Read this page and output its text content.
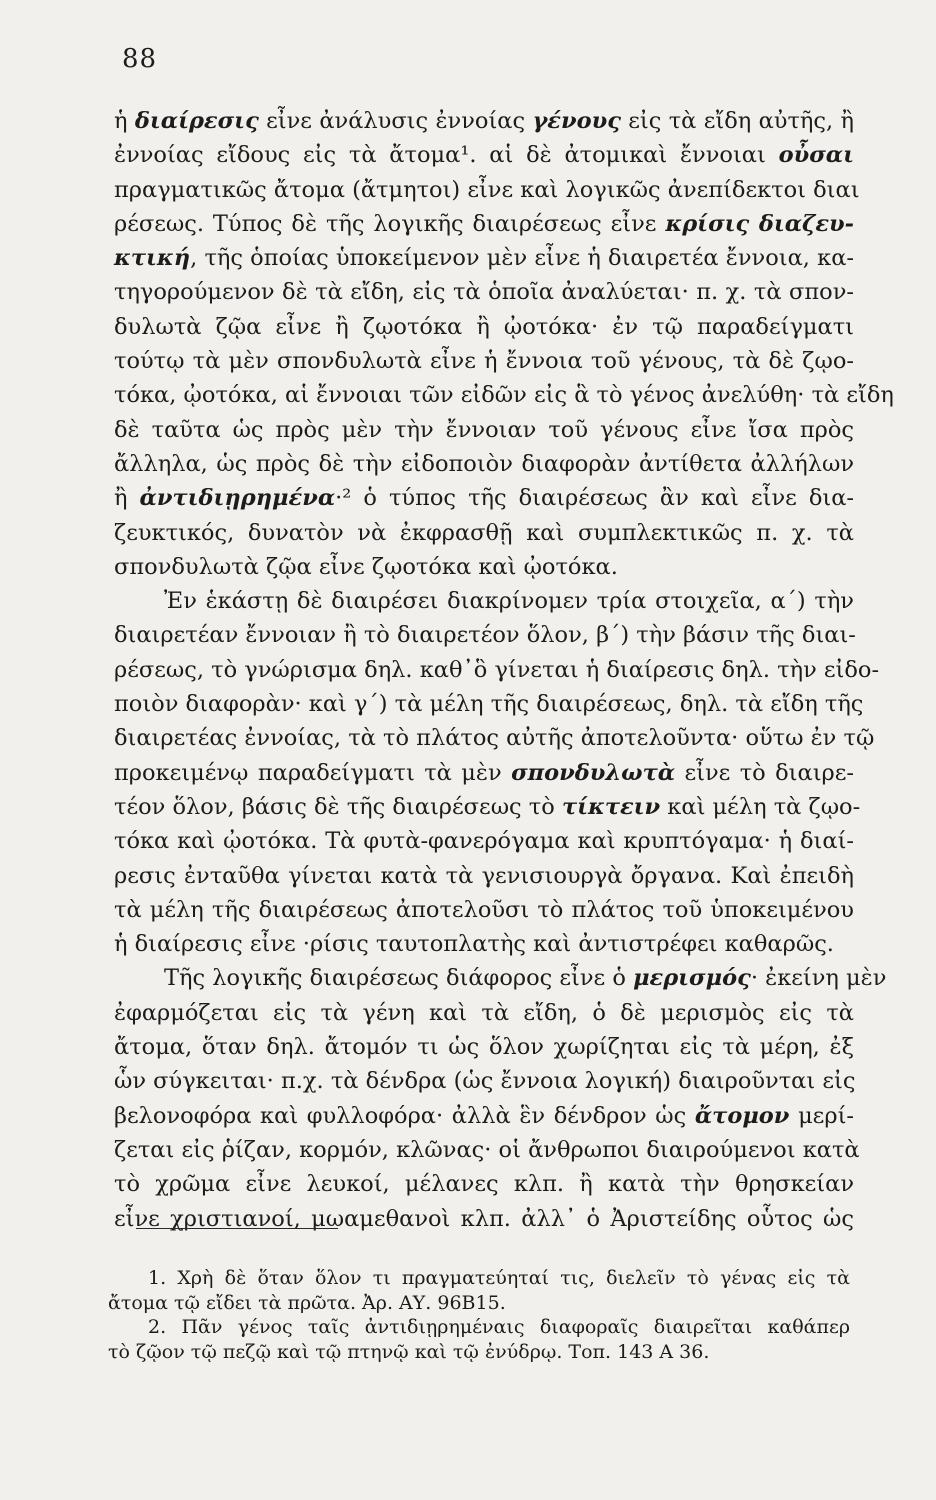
88
ἡ διαίρεσις εἶνε ἀνάλυσις ἐννοίας γένους εἰς τὰ εἴδη αὐτῆς, ἢ
ἐννοίας εἴδους εἰς τὰ ἄτομα¹. αἱ δὲ ἀτομικαὶ ἔννοιαι οὖσαι
πραγματικῶς ἄτομα (ἄτμητοι) εἶνε καὶ λογικῶς ἀνεπίδεκτοι διαι
ρέσεως. Τύπος δὲ τῆς λογικῆς διαιρέσεως εἶνε κρίσις διαζευ-
κτική, τῆς ὁποίας ὑποκείμενον μὲν εἶνε ἡ διαιρετέα ἔννοια, κα-
τηγορούμενον δὲ τὰ εἴδη, εἰς τὰ ὁποῖα ἀναλύεται· π. χ. τὰ σπον-
δυλωτὰ ζῷα εἶνε ἢ ζῳοτόκα ἢ ᾠοτόκα· ἐν τῷ παραδείγματι
τούτῳ τὰ μὲν σπονδυλωτὰ εἶνε ἡ ἔννοια τοῦ γένους, τὰ δὲ ζῳο-
τόκα, ᾠοτόκα, αἱ ἔννοιαι τῶν εἰδῶν εἰς ἃ τὸ γένος ἀνελύθη· τὰ εἴδη
δὲ ταῦτα ὡς πρὸς μὲν τὴν ἔννοιαν τοῦ γένους εἶνε ἴσα πρὸς
ἄλληλα, ὡς πρὸς δὲ τὴν εἰδοποιὸν διαφορὰν ἀντίθετα ἀλλήλων
ἢ ἀντιδιῃρημένα·² ὁ τύπος τῆς διαιρέσεως ἂν καὶ εἶνε δια-
ζευκτικός, δυνατὸν νὰ ἐκφρασθῇ καὶ συμπλεκτικῶς π. χ. τὰ
σπονδυλωτὰ ζῷα εἶνε ζῳοτόκα καὶ ᾠοτόκα.
Ἐν ἑκάστῃ δὲ διαιρέσει διακρίνομεν τρία στοιχεῖα, α΄) τὴν
διαιρετέαν ἔννοιαν ἢ τὸ διαιρετέον ὅλον, β΄) τὴν βάσιν τῆς διαι-
ρέσεως, τὸ γνώρισμα δηλ. καθ᾽ὃ γίνεται ἡ διαίρεσις δηλ. τὴν εἰδο-
ποιὸν διαφορὰν· καὶ γ΄) τὰ μέλη τῆς διαιρέσεως, δηλ. τὰ εἴδη τῆς
διαιρετέας ἐννοίας, τὰ τὸ πλάτος αὐτῆς ἀποτελοῦντα· οὕτω ἐν τῷ
προκειμένῳ παραδείγματι τὰ μὲν σπονδυλωτὰ εἶνε τὸ διαιρε-
τέον ὅλον, βάσις δὲ τῆς διαιρέσεως τὸ τίκτειν καὶ μέλη τὰ ζῳο-
τόκα καὶ ᾠοτόκα. Τὰ φυτὰ-φανερόγαμα καὶ κρυπτόγαμα· ἡ διαί-
ρεσις ἐνταῦθα γίνεται κατὰ τὰ γενισιουργὰ ὄργανα. Καὶ ἐπειδὴ
τὰ μέλη τῆς διαιρέσεως ἀποτελοῦσι τὸ πλάτος τοῦ ὑποκειμένου
ἡ διαίρεσις εἶνε ·ρίσις ταυτοπλατὴς καὶ ἀντιστρέφει καθαρῶς.
Τῆς λογικῆς διαιρέσεως διάφορος εἶνε ὁ μερισμός· ἐκείνη μὲν
ἐφαρμόζεται εἰς τὰ γένη καὶ τὰ εἴδη, ὁ δὲ μερισμὸς εἰς τὰ
ἄτομα, ὅταν δηλ. ἄτομόν τι ὡς ὅλον χωρίζηται εἰς τὰ μέρη, ἐξ
ὧν σύγκειται· π.χ. τὰ δένδρα (ὡς ἔννοια λογική) διαιροῦνται εἰς
βελονοφόρα καὶ φυλλοφόρα· ἀλλὰ ἓν δένδρον ὡς ἄτομον μερί-
ζεται εἰς ῥίζαν, κορμόν, κλῶνας· οἱ ἄνθρωποι διαιρούμενοι κατὰ
τὸ χρῶμα εἶνε λευκοί, μέλανες κλπ. ἢ κατὰ τὴν θρησκείαν
εἶνε χριστιανοί, μωαμεθανοὶ κλπ. ἀλλ᾽ ὁ Ἀριστείδης οὗτος ὡς
1. Χρὴ δὲ ὅταν ὅλον τι πραγματεύηταί τις, διελεῖν τὸ γένας εἰς τὰ
ἄτομα τῷ εἴδει τὰ πρῶτα. Ἀρ. ΑΥ. 96Β15.
2. Πᾶν γένος ταῖς ἀντιδιῃρημέναις διαφοραῖς διαιρεῖται καθάπερ
τὸ ζῷον τῷ πεζῷ καὶ τῷ πτηνῷ καὶ τῷ ἐνύδρῳ. Τοπ. 143 Α 36.
